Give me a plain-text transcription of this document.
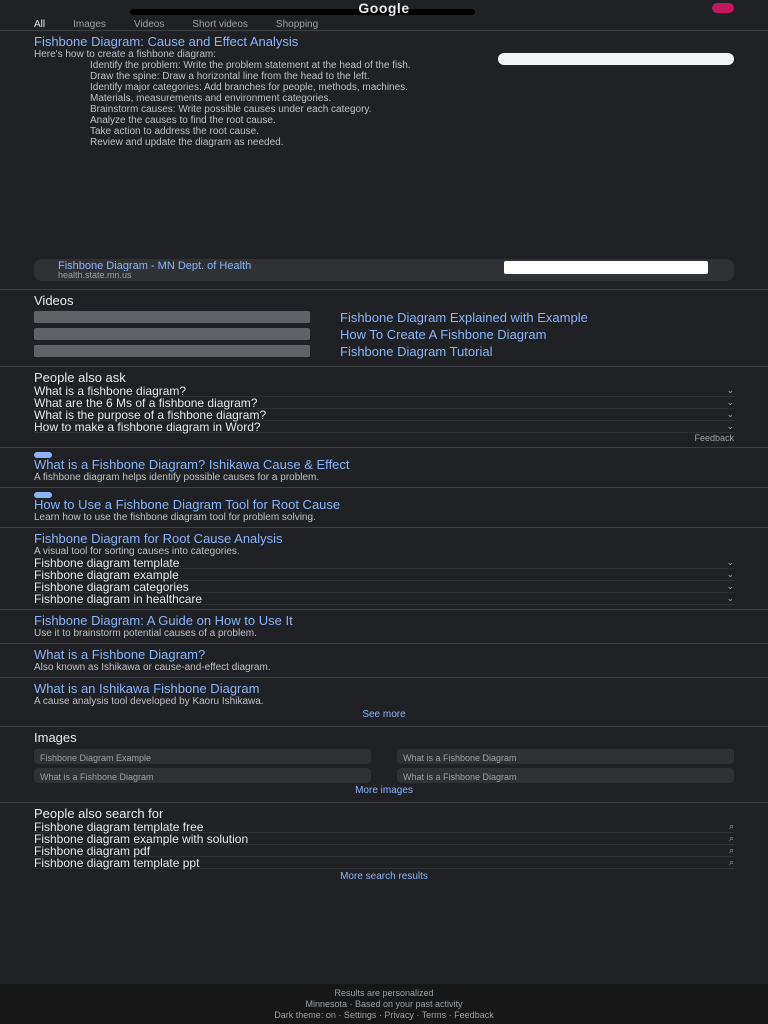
Google
All	Images	Videos	Short videos	Shopping
Fishbone Diagram: Cause and Effect Analysis
Here's how to create a fishbone diagram:
1. Identify the problem: Write the problem statement at the head of the fish.
2. Draw the spine: Draw a horizontal line from the head to the left.
3. Identify major categories: Add branches for people, methods, machines.
4. Materials, measurements and environment categories.
5. Brainstorm causes: Write possible causes under each category.
6. Analyze the causes to find the root cause.
7. Take action to address the root cause.
8. Review and update the diagram as needed.
Fishbone Diagram - MN Dept. of Health
health.state.mn.us
Videos
Fishbone Diagram Explained with Example
How To Create A Fishbone Diagram
Fishbone Diagram Tutorial
People also ask
What is a fishbone diagram?	⌄
What are the 6 Ms of a fishbone diagram?	⌄
What is the purpose of a fishbone diagram?	⌄
How to make a fishbone diagram in Word?	⌄
Feedback
What is a Fishbone Diagram? Ishikawa Cause & Effect
A fishbone diagram helps identify possible causes for a problem.
How to Use a Fishbone Diagram Tool for Root Cause
Learn how to use the fishbone diagram tool for problem solving.
Fishbone Diagram for Root Cause Analysis
A visual tool for sorting causes into categories.
Fishbone diagram template	⌄
Fishbone diagram example	⌄
Fishbone diagram categories	⌄
Fishbone diagram in healthcare	⌄
Fishbone Diagram: A Guide on How to Use It
Use it to brainstorm potential causes of a problem.
What is a Fishbone Diagram?
Also known as Ishikawa or cause-and-effect diagram.
What is an Ishikawa Fishbone Diagram
A cause analysis tool developed by Kaoru Ishikawa.
See more
Images
Fishbone Diagram Example	What is a Fishbone Diagram
What is a Fishbone Diagram	What is a Fishbone Diagram
More images
People also search for
Fishbone diagram template free	⌕
Fishbone diagram example with solution	⌕
Fishbone diagram pdf	⌕
Fishbone diagram template ppt	⌕
More search results
Results are personalized
Minnesota · Based on your past activity
Dark theme: on · Settings · Privacy · Terms · Feedback
